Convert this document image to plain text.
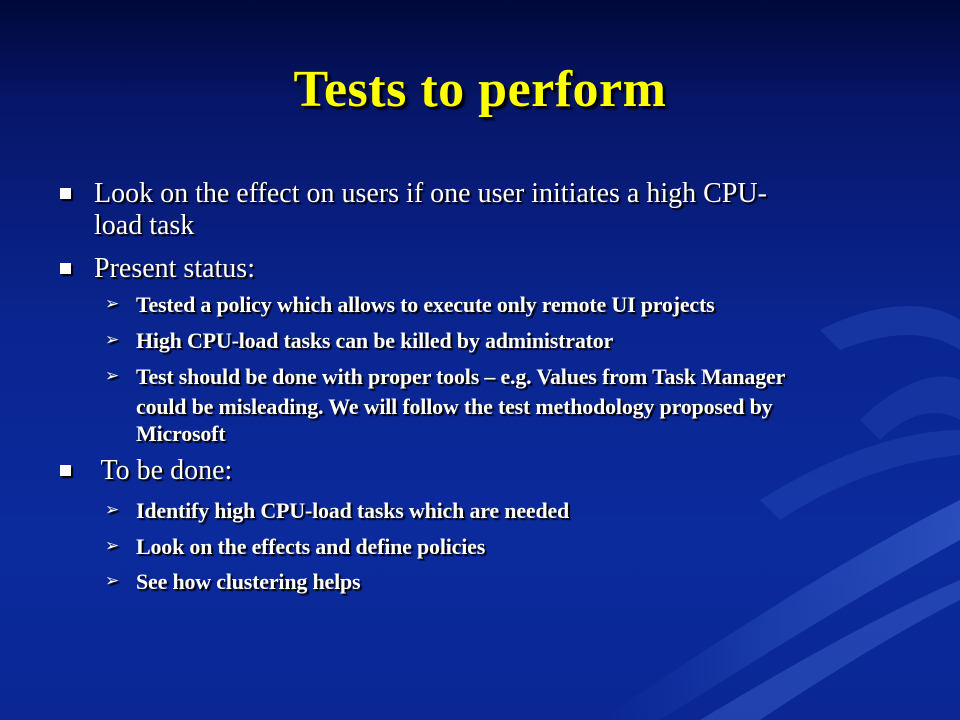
Tests to perform
Look on the effect on users if one user initiates a high CPU-
load task
Present status:
➢ Tested a policy which allows to execute only remote UI projects
➢ High CPU-load tasks can be killed by administrator
➢ Test should be done with proper tools – e.g. Values from Task Manager
could be misleading. We will follow the test methodology proposed by
Microsoft
To be done:
➢ Identify high CPU-load tasks which are needed
➢ Look on the effects and define policies
➢ See how clustering helps
